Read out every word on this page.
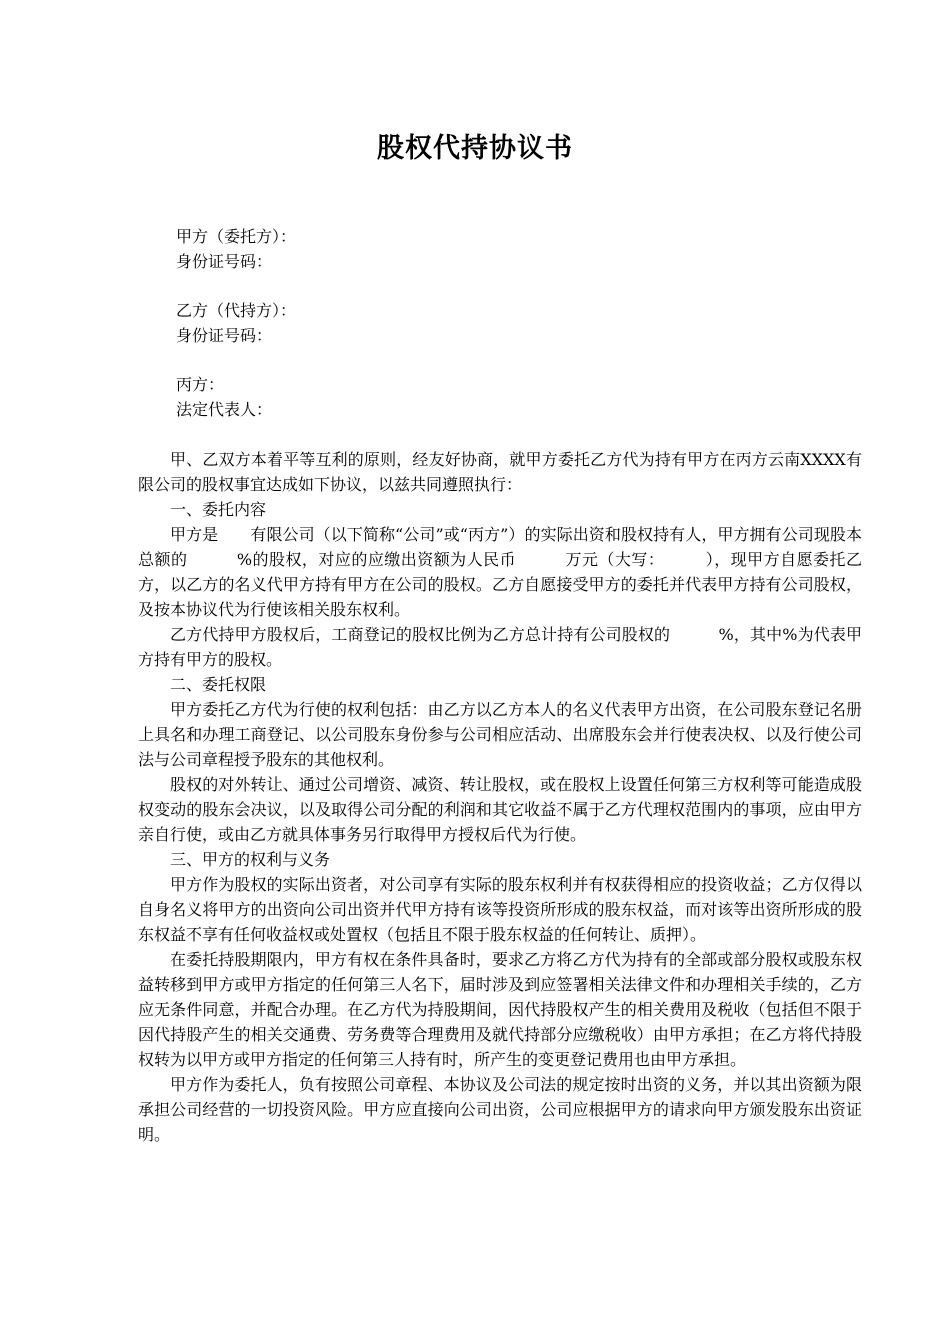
股权代持协议书
甲方（委托方）：
身份证号码：
乙方（代持方）：
身份证号码：
丙方：
法定代表人：

甲、乙双方本着平等互利的原则，经友好协商，就甲方委托乙方代为持有甲方在丙方云南XXXX有限公司的股权事宜达成如下协议，以兹共同遵照执行：

一、委托内容

甲方是　　有限公司（以下简称“公司”或“丙方”）的实际出资和股权持有人，甲方拥有公司现股本总额的　　　%的股权，对应的应缴出资额为人民币　　　万元（大写：　　　），现甲方自愿委托乙方，以乙方的名义代甲方持有甲方在公司的股权。乙方自愿接受甲方的委托并代表甲方持有公司股权，及按本协议代为行使该相关股东权利。

乙方代持甲方股权后，工商登记的股权比例为乙方总计持有公司股权的　　　%，其中%为代表甲方持有甲方的股权。

二、委托权限

甲方委托乙方代为行使的权利包括：由乙方以乙方本人的名义代表甲方出资，在公司股东登记名册上具名和办理工商登记、以公司股东身份参与公司相应活动、出席股东会并行使表决权、以及行使公司法与公司章程授予股东的其他权利。

股权的对外转让、通过公司增资、减资、转让股权，或在股权上设置任何第三方权利等可能造成股权变动的股东会决议，以及取得公司分配的利润和其它收益不属于乙方代理权范围内的事项，应由甲方亲自行使，或由乙方就具体事务另行取得甲方授权后代为行使。

三、甲方的权利与义务

甲方作为股权的实际出资者，对公司享有实际的股东权利并有权获得相应的投资收益；乙方仅得以自身名义将甲方的出资向公司出资并代甲方持有该等投资所形成的股东权益，而对该等出资所形成的股东权益不享有任何收益权或处置权（包括且不限于股东权益的任何转让、质押）。

在委托持股期限内，甲方有权在条件具备时，要求乙方将乙方代为持有的全部或部分股权或股东权益转移到甲方或甲方指定的任何第三人名下，届时涉及到应签署相关法律文件和办理相关手续的，乙方应无条件同意，并配合办理。在乙方代为持股期间，因代持股权产生的相关费用及税收（包括但不限于因代持股产生的相关交通费、劳务费等合理费用及就代持部分应缴税收）由甲方承担；在乙方将代持股权转为以甲方或甲方指定的任何第三人持有时，所产生的变更登记费用也由甲方承担。

甲方作为委托人，负有按照公司章程、本协议及公司法的规定按时出资的义务，并以其出资额为限承担公司经营的一切投资风险。甲方应直接向公司出资，公司应根据甲方的请求向甲方颁发股东出资证明。
